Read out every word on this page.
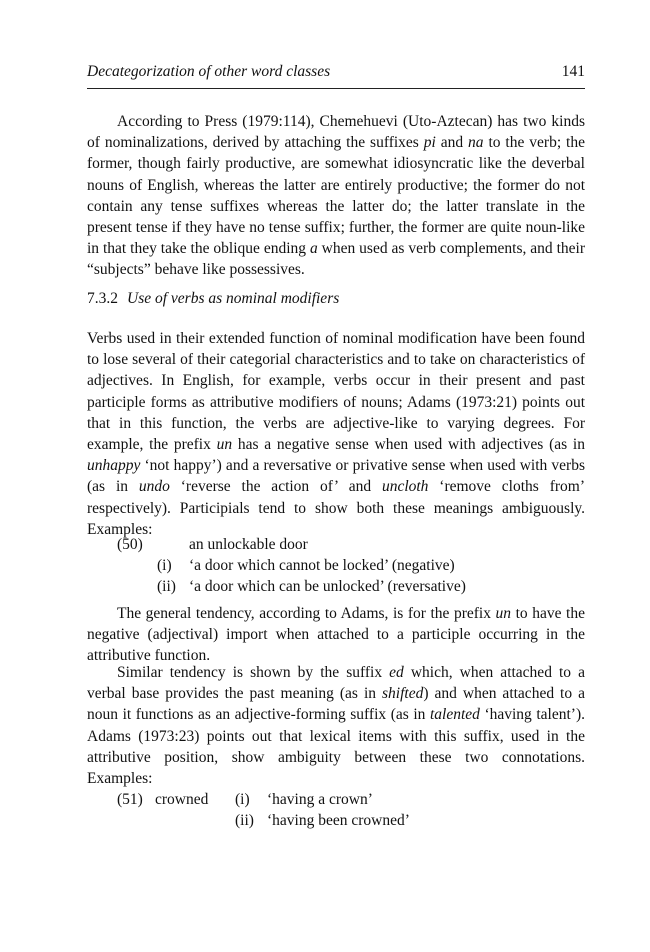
Decategorization of other word classes	141

According to Press (1979:114), Chemehuevi (Uto-Aztecan) has two kinds of nominalizations, derived by attaching the suffixes pi and na to the verb; the former, though fairly productive, are somewhat idiosyncratic like the deverbal nouns of English, whereas the latter are entirely productive; the former do not contain any tense suffixes whereas the latter do; the latter translate in the present tense if they have no tense suffix; further, the former are quite noun-like in that they take the oblique ending a when used as verb complements, and their “subjects” behave like possessives.

7.3.2 Use of verbs as nominal modifiers

Verbs used in their extended function of nominal modification have been found to lose several of their categorial characteristics and to take on characteristics of adjectives. In English, for example, verbs occur in their present and past participle forms as attributive modifiers of nouns; Adams (1973:21) points out that in this function, the verbs are adjective-like to varying degrees. For example, the prefix un has a negative sense when used with adjectives (as in unhappy ‘not happy’) and a reversative or privative sense when used with verbs (as in undo ‘reverse the action of’ and uncloth ‘remove cloths from’ respectively). Participials tend to show both these meanings ambiguously. Examples:

(50)	an unlockable door
(i) ‘a door which cannot be locked’ (negative)
(ii) ‘a door which can be unlocked’ (reversative)

The general tendency, according to Adams, is for the prefix un to have the negative (adjectival) import when attached to a participle occurring in the attributive function.

Similar tendency is shown by the suffix ed which, when attached to a verbal base provides the past meaning (as in shifted) and when attached to a noun it functions as an adjective-forming suffix (as in talented ‘having talent’). Adams (1973:23) points out that lexical items with this suffix, used in the attributive position, show ambiguity between these two connotations. Examples:

(51) crowned (i) ‘having a crown’
(ii) ‘having been crowned’
